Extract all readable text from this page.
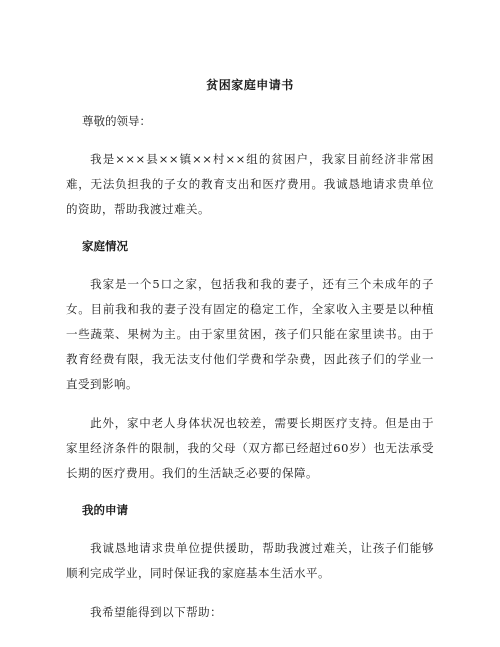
贫困家庭申请书

尊敬的领导：

我是×××县××镇××村××组的贫困户，我家目前经济非常困难，无法负担我的子女的教育支出和医疗费用。我诚恳地请求贵单位的资助，帮助我渡过难关。

家庭情况

我家是一个5口之家，包括我和我的妻子，还有三个未成年的子女。目前我和我的妻子没有固定的稳定工作，全家收入主要是以种植一些蔬菜、果树为主。由于家里贫困，孩子们只能在家里读书。由于教育经费有限，我无法支付他们学费和学杂费，因此孩子们的学业一直受到影响。

此外，家中老人身体状况也较差，需要长期医疗支持。但是由于家里经济条件的限制，我的父母（双方都已经超过60岁）也无法承受长期的医疗费用。我们的生活缺乏必要的保障。

我的申请

我诚恳地请求贵单位提供援助，帮助我渡过难关，让孩子们能够顺利完成学业，同时保证我的家庭基本生活水平。

我希望能得到以下帮助：
